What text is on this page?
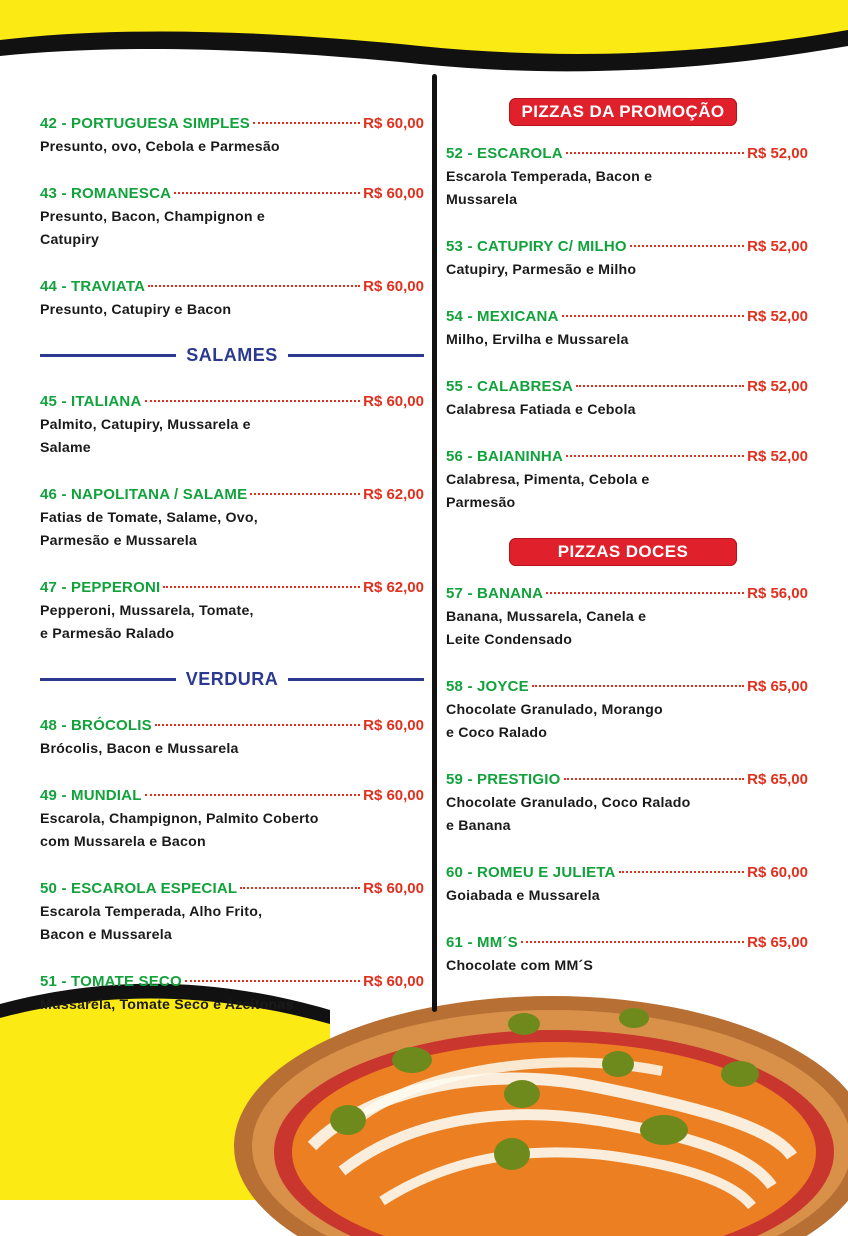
42 - PORTUGUESA SIMPLES	R$ 60,00
Presunto, ovo, Cebola e Parmesão
43 - ROMANESCA	R$ 60,00
Presunto, Bacon, Champignon e
Catupiry
44 - TRAVIATA	R$ 60,00
Presunto, Catupiry e Bacon
SALAMES
45 - ITALIANA	R$ 60,00
Palmito, Catupiry, Mussarela e
Salame
46 - NAPOLITANA / SALAME	R$ 62,00
Fatias de Tomate, Salame, Ovo,
Parmesão e Mussarela
47 - PEPPERONI	R$ 62,00
Pepperoni, Mussarela, Tomate,
e Parmesão Ralado
VERDURA
48 - BRÓCOLIS	R$ 60,00
Brócolis, Bacon e Mussarela
49 - MUNDIAL	R$ 60,00
Escarola, Champignon, Palmito Coberto
com Mussarela e Bacon
50 - ESCAROLA ESPECIAL	R$ 60,00
Escarola Temperada, Alho Frito,
Bacon e Mussarela
51 - TOMATE SECO	R$ 60,00
Mussarela, Tomate Seco e Azeitonas
PIZZAS DA PROMOÇÃO
52 - ESCAROLA	R$ 52,00
Escarola Temperada, Bacon e
Mussarela
53 - CATUPIRY C/ MILHO	R$ 52,00
Catupiry, Parmesão e Milho
54 - MEXICANA	R$ 52,00
Milho, Ervilha e Mussarela
55 - CALABRESA	R$ 52,00
Calabresa Fatiada e Cebola
56 - BAIANINHA	R$ 52,00
Calabresa, Pimenta, Cebola e
Parmesão
PIZZAS DOCES
57 - BANANA	R$ 56,00
Banana, Mussarela, Canela e
Leite Condensado
58 - JOYCE	R$ 65,00
Chocolate Granulado, Morango
e Coco Ralado
59 - PRESTIGIO	R$ 65,00
Chocolate Granulado, Coco Ralado
e Banana
60 - ROMEU E JULIETA	R$ 60,00
Goiabada e Mussarela
61 - MM´S	R$ 65,00
Chocolate com MM´S
